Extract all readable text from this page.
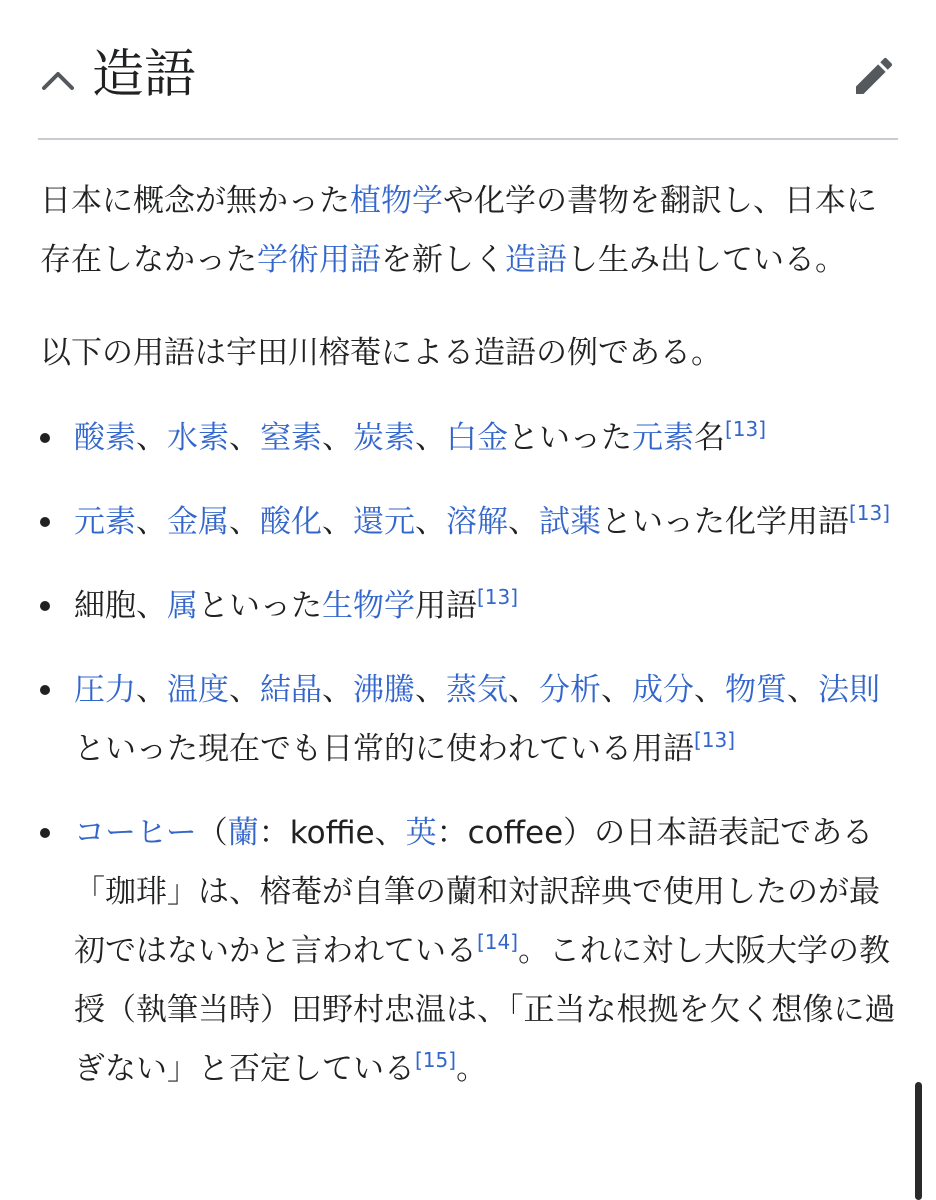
造語

日本に概念が無かった植物学や化学の書物を翻訳し、日本に存在しなかった学術用語を新しく造語し生み出している。

以下の用語は宇田川榕菴による造語の例である。

酸素、水素、窒素、炭素、白金といった元素名[13]
元素、金属、酸化、還元、溶解、試薬といった化学用語[13]
細胞、属といった生物学用語[13]
圧力、温度、結晶、沸騰、蒸気、分析、成分、物質、法則といった現在でも日常的に使われている用語[13]
コーヒー（蘭：koffie、英：coffee）の日本語表記である「珈琲」は、榕菴が自筆の蘭和対訳辞典で使用したのが最初ではないかと言われている[14]。これに対し大阪大学の教授（執筆当時）田野村忠温は、「正当な根拠を欠く想像に過ぎない」と否定している[15]。
